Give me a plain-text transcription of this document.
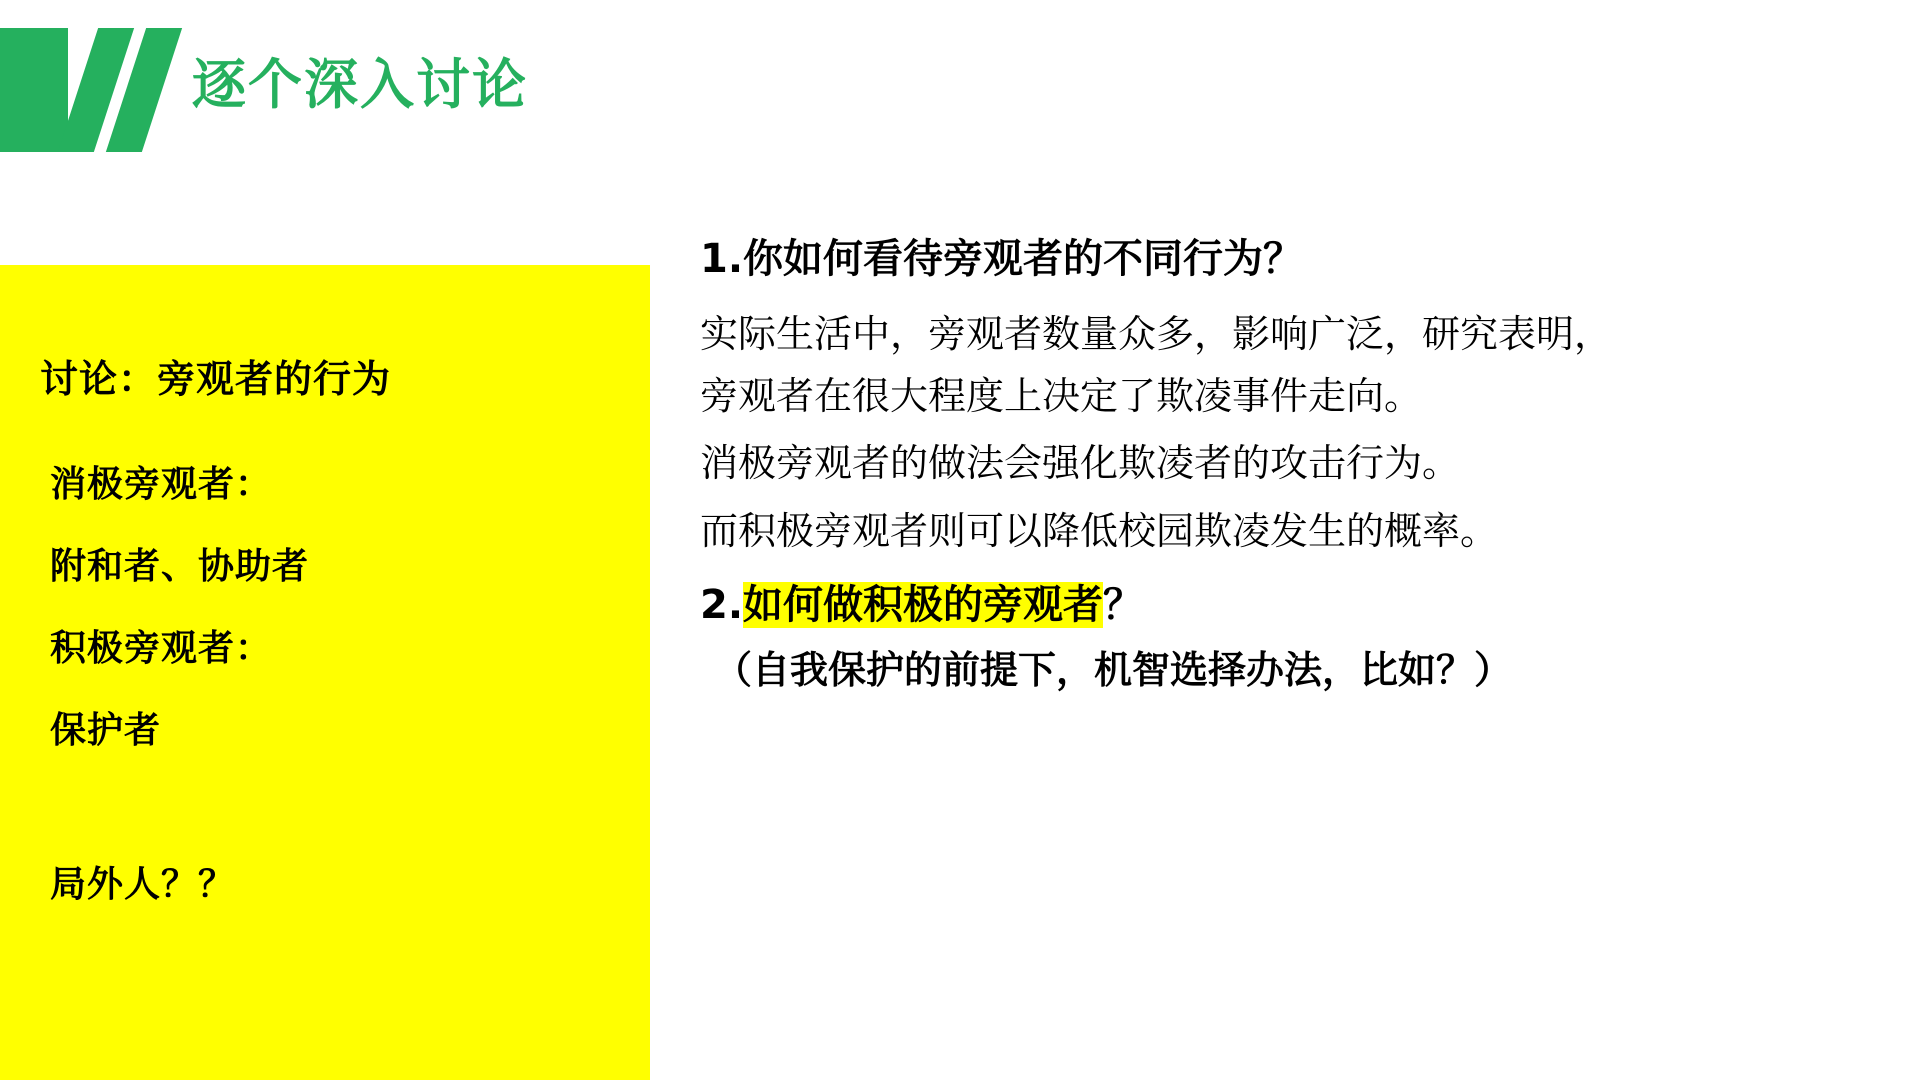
逐个深入讨论

讨论：旁观者的行为

消极旁观者：

附和者、协助者

积极旁观者：

保护者

局外人？？

1.你如何看待旁观者的不同行为？

实际生活中，旁观者数量众多，影响广泛，研究表明，

旁观者在很大程度上决定了欺凌事件走向。

消极旁观者的做法会强化欺凌者的攻击行为。

而积极旁观者则可以降低校园欺凌发生的概率。

2.如何做积极的旁观者？

（自我保护的前提下，机智选择办法，比如？）
